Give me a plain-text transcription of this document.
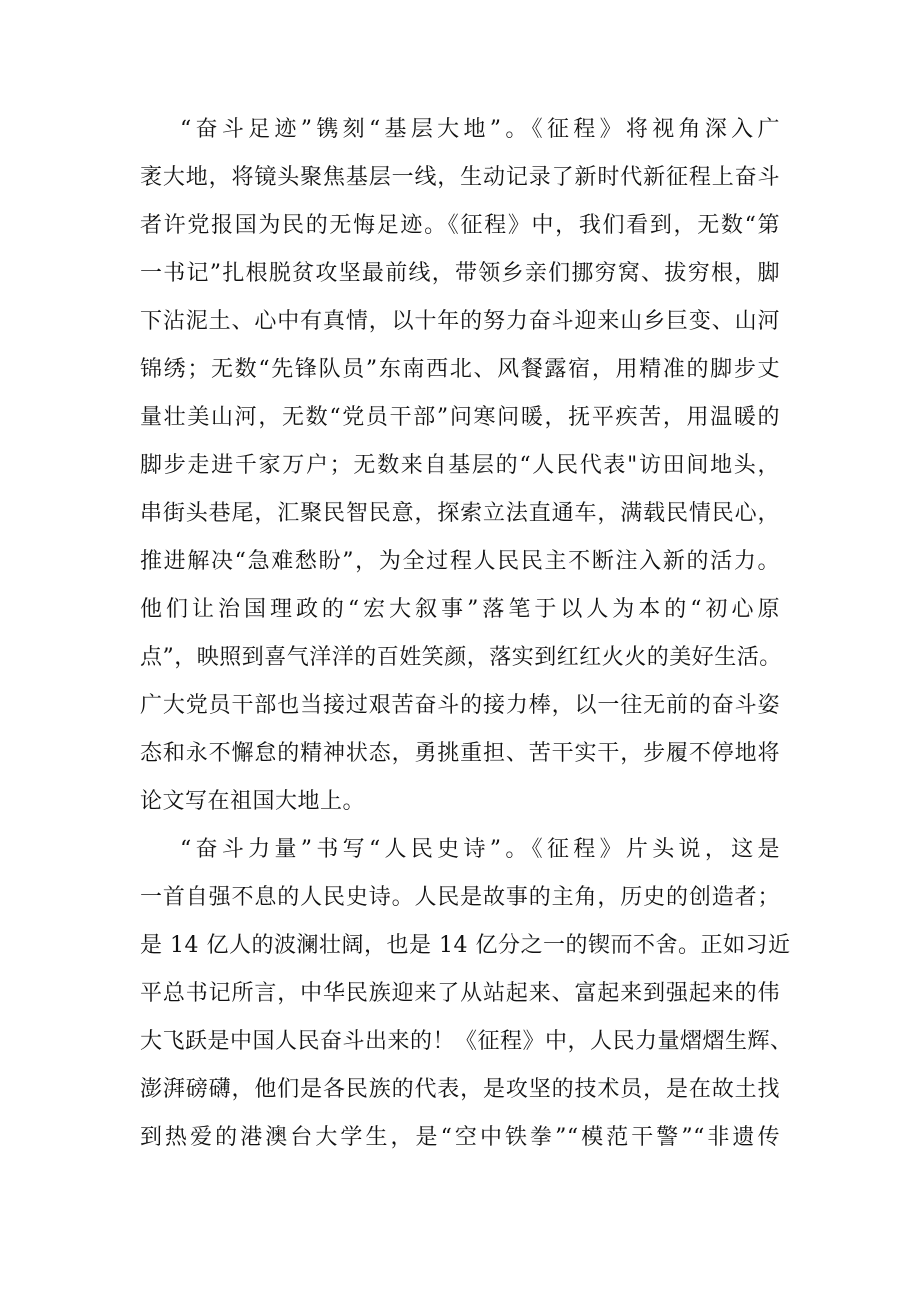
“奋斗足迹”镌刻“基层大地”。《征程》将视角深入广
袤大地，将镜头聚焦基层一线，生动记录了新时代新征程上奋斗
者许党报国为民的无悔足迹。《征程》中，我们看到，无数“第
一书记”扎根脱贫攻坚最前线，带领乡亲们挪穷窝、拔穷根，脚
下沾泥土、心中有真情，以十年的努力奋斗迎来山乡巨变、山河
锦绣；无数“先锋队员”东南西北、风餐露宿，用精准的脚步丈
量壮美山河，无数“党员干部”问寒问暖，抚平疾苦，用温暖的
脚步走进千家万户；无数来自基层的“人民代表"访田间地头，
串街头巷尾，汇聚民智民意，探索立法直通车，满载民情民心，
推进解决“急难愁盼”，为全过程人民民主不断注入新的活力。
他们让治国理政的“宏大叙事”落笔于以人为本的“初心原
点”，映照到喜气洋洋的百姓笑颜，落实到红红火火的美好生活。
广大党员干部也当接过艰苦奋斗的接力棒，以一往无前的奋斗姿
态和永不懈怠的精神状态，勇挑重担、苦干实干，步履不停地将
论文写在祖国大地上。
“奋斗力量”书写“人民史诗”。《征程》片头说，这是
一首自强不息的人民史诗。人民是故事的主角，历史的创造者；
是 14 亿人的波澜壮阔，也是 14 亿分之一的锲而不舍。正如习近
平总书记所言，中华民族迎来了从站起来、富起来到强起来的伟
大飞跃是中国人民奋斗出来的！《征程》中，人民力量熠熠生辉、
澎湃磅礴，他们是各民族的代表，是攻坚的技术员，是在故土找
到热爱的港澳台大学生，是“空中铁拳”“模范干警”“非遗传
